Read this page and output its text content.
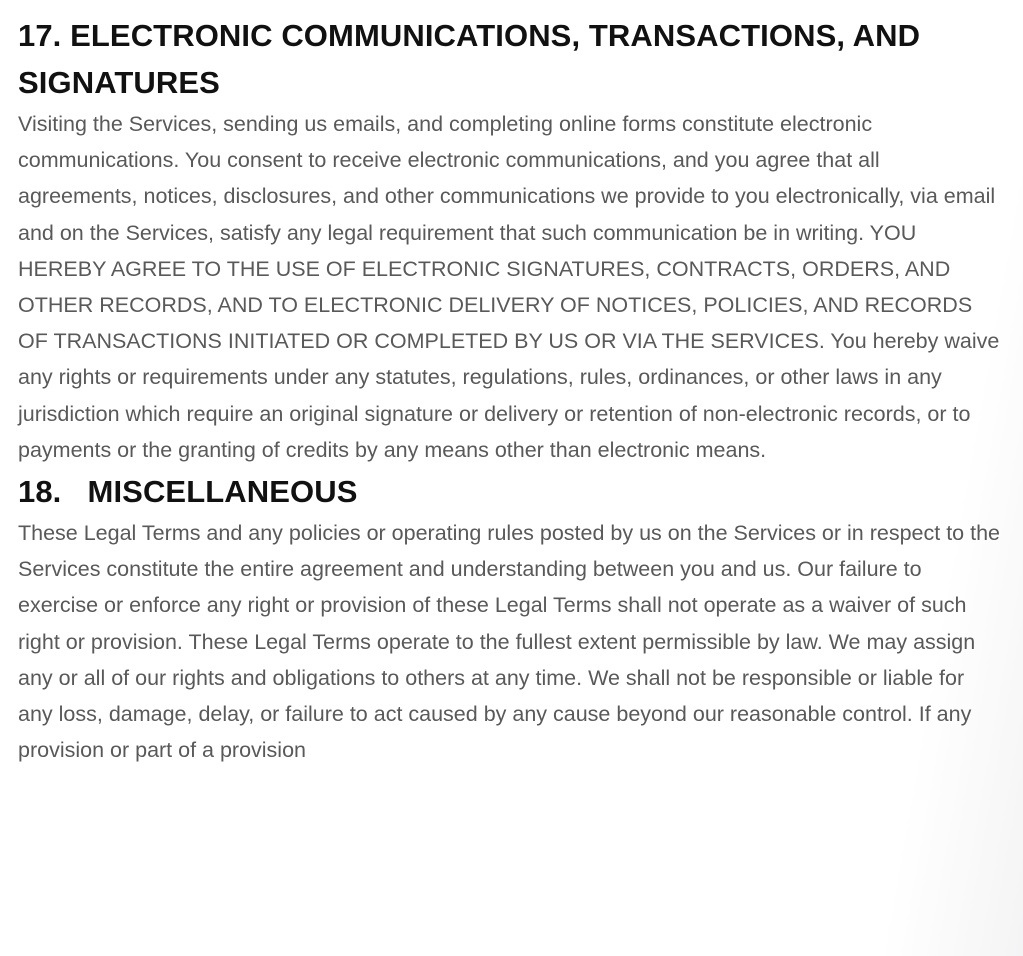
17. ELECTRONIC COMMUNICATIONS, TRANSACTIONS, AND SIGNATURES

Visiting the Services, sending us emails, and completing online forms constitute electronic communications. You consent to receive electronic communications, and you agree that all agreements, notices, disclosures, and other communications we provide to you electronically, via email and on the Services, satisfy any legal requirement that such communication be in writing. YOU HEREBY AGREE TO THE USE OF ELECTRONIC SIGNATURES, CONTRACTS, ORDERS, AND OTHER RECORDS, AND TO ELECTRONIC DELIVERY OF NOTICES, POLICIES, AND RECORDS OF TRANSACTIONS INITIATED OR COMPLETED BY US OR VIA THE SERVICES. You hereby waive any rights or requirements under any statutes, regulations, rules, ordinances, or other laws in any jurisdiction which require an original signature or delivery or retention of non-electronic records, or to payments or the granting of credits by any means other than electronic means.

18.   MISCELLANEOUS

These Legal Terms and any policies or operating rules posted by us on the Services or in respect to the Services constitute the entire agreement and understanding between you and us. Our failure to exercise or enforce any right or provision of these Legal Terms shall not operate as a waiver of such right or provision. These Legal Terms operate to the fullest extent permissible by law. We may assign any or all of our rights and obligations to others at any time. We shall not be responsible or liable for any loss, damage, delay, or failure to act caused by any cause beyond our reasonable control. If any provision or part of a provision
